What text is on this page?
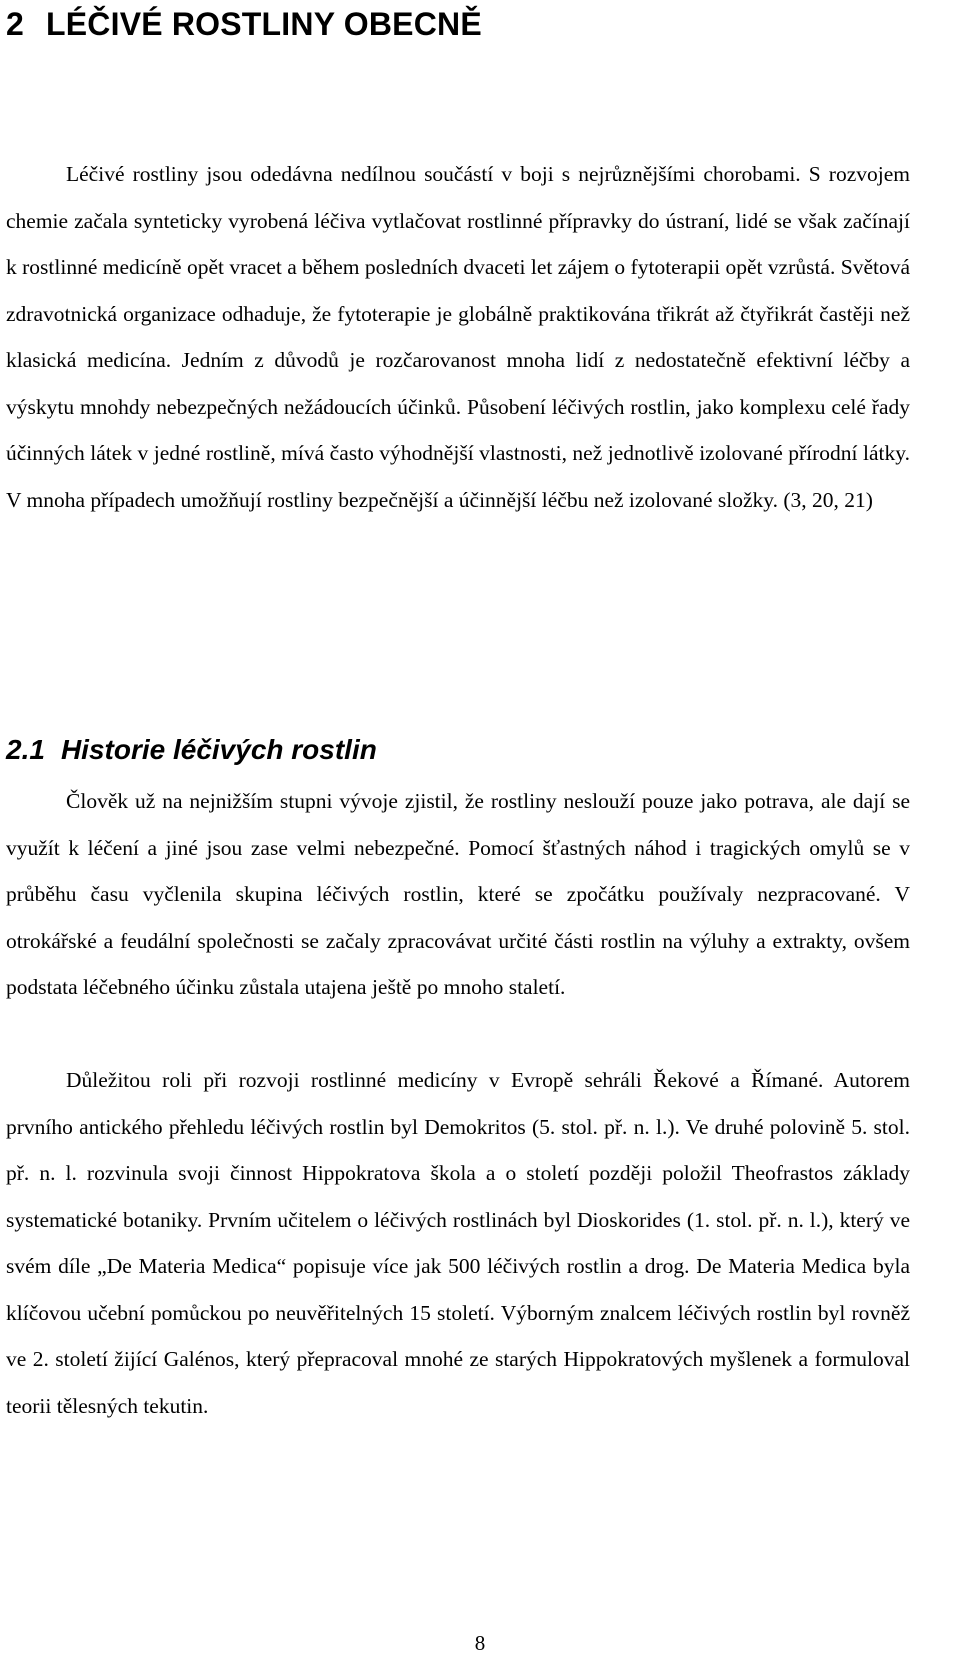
2 LÉČIVÉ ROSTLINY OBECNĚ

Léčivé rostliny jsou odedávna nedílnou součástí v boji s nejrůznějšími chorobami. S rozvojem chemie začala synteticky vyrobená léčiva vytlačovat rostlinné přípravky do ústraní, lidé se však začínají k rostlinné medicíně opět vracet a během posledních dvaceti let zájem o fytoterapii opět vzrůstá. Světová zdravotnická organizace odhaduje, že fytoterapie je globálně praktikována třikrát až čtyřikrát častěji než klasická medicína. Jedním z důvodů je rozčarovanost mnoha lidí z nedostatečně efektivní léčby a výskytu mnohdy nebezpečných nežádoucích účinků. Působení léčivých rostlin, jako komplexu celé řady účinných látek v jedné rostlině, mívá často výhodnější vlastnosti, než jednotlivě izolované přírodní látky. V mnoha případech umožňují rostliny bezpečnější a účinnější léčbu než izolované složky. (3, 20, 21)

2.1 Historie léčivých rostlin

Člověk už na nejnižším stupni vývoje zjistil, že rostliny neslouží pouze jako potrava, ale dají se využít k léčení a jiné jsou zase velmi nebezpečné. Pomocí šťastných náhod i tragických omylů se v průběhu času vyčlenila skupina léčivých rostlin, které se zpočátku používaly nezpracované. V otrokářské a feudální společnosti se začaly zpracovávat určité části rostlin na výluhy a extrakty, ovšem podstata léčebného účinku zůstala utajena ještě po mnoho staletí.

Důležitou roli při rozvoji rostlinné medicíny v Evropě sehráli Řekové a Římané. Autorem prvního antického přehledu léčivých rostlin byl Demokritos (5. stol. př. n. l.). Ve druhé polovině 5. stol. př. n. l. rozvinula svoji činnost Hippokratova škola a o století později položil Theofrastos základy systematické botaniky. Prvním učitelem o léčivých rostlinách byl Dioskorides (1. stol. př. n. l.), který ve svém díle „De Materia Medica“ popisuje více jak 500 léčivých rostlin a drog. De Materia Medica byla klíčovou učební pomůckou po neuvěřitelných 15 století. Výborným znalcem léčivých rostlin byl rovněž ve 2. století žijící Galénos, který přepracoval mnohé ze starých Hippokratových myšlenek a formuloval teorii tělesných tekutin.

8
